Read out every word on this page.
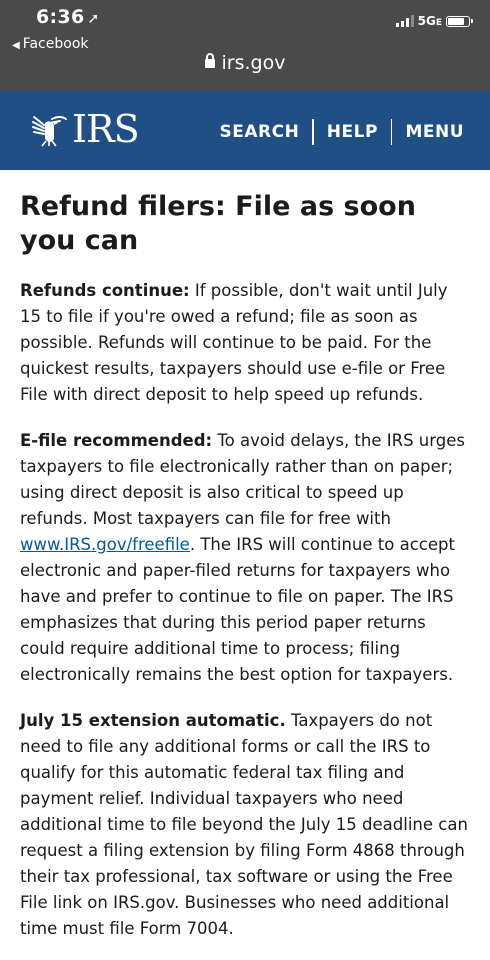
6:36 ➚
◀ Facebook
5GE
irs.gov
IRS	SEARCH HELP MENU
Refund filers: File as soon you can

Refunds continue: If possible, don't wait until July 15 to file if you're owed a refund; file as soon as possible. Refunds will continue to be paid. For the quickest results, taxpayers should use e-file or Free File with direct deposit to help speed up refunds.

E-file recommended: To avoid delays, the IRS urges taxpayers to file electronically rather than on paper; using direct deposit is also critical to speed up refunds. Most taxpayers can file for free with www.IRS.gov/freefile. The IRS will continue to accept electronic and paper-filed returns for taxpayers who have and prefer to continue to file on paper. The IRS emphasizes that during this period paper returns could require additional time to process; filing electronically remains the best option for taxpayers.

July 15 extension automatic. Taxpayers do not need to file any additional forms or call the IRS to qualify for this automatic federal tax filing and payment relief. Individual taxpayers who need additional time to file beyond the July 15 deadline can request a filing extension by filing Form 4868 through their tax professional, tax software or using the Free File link on IRS.gov. Businesses who need additional time must file Form 7004.
